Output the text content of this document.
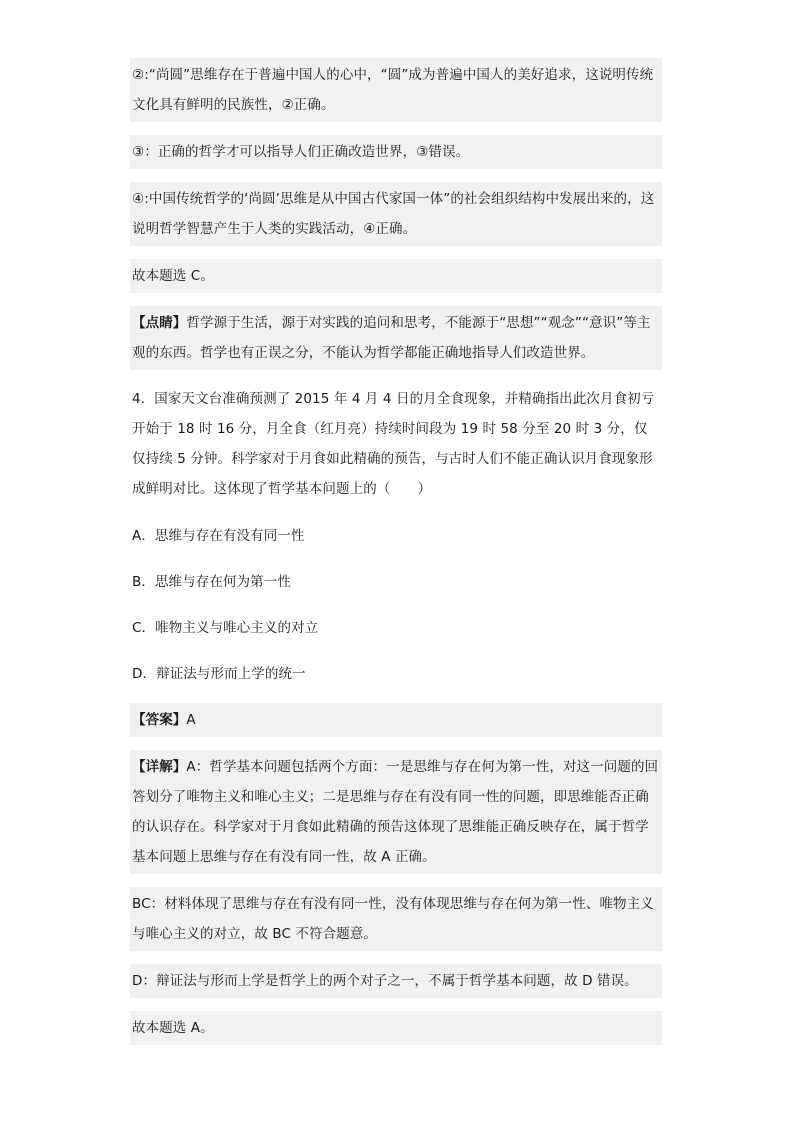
②:“尚圆”思维存在于普遍中国人的心中，“圆”成为普遍中国人的美好追求，这说明传统文化具有鲜明的民族性，②正确。
③：正确的哲学才可以指导人们正确改造世界，③错误。
④:中国传统哲学的‘尚圆’思维是从中国古代家国一体”的社会组织结构中发展出来的，这说明哲学智慧产生于人类的实践活动，④正确。
故本题选 C。
【点睛】哲学源于生活，源于对实践的追问和思考，不能源于“思想”“观念”“意识”等主观的东西。哲学也有正误之分，不能认为哲学都能正确地指导人们改造世界。
4．国家天文台准确预测了 2015 年 4 月 4 日的月全食现象，并精确指出此次月食初亏开始于 18 时 16 分，月全食（红月亮）持续时间段为 19 时 58 分至 20 时 3 分，仅仅持续 5 分钟。科学家对于月食如此精确的预告，与古时人们不能正确认识月食现象形成鲜明对比。这体现了哲学基本问题上的（　　）
A．思维与存在有没有同一性
B．思维与存在何为第一性
C．唯物主义与唯心主义的对立
D．辩证法与形而上学的统一
【答案】A
【详解】A：哲学基本问题包括两个方面：一是思维与存在何为第一性，对这一问题的回答划分了唯物主义和唯心主义；二是思维与存在有没有同一性的问题，即思维能否正确的认识存在。科学家对于月食如此精确的预告这体现了思维能正确反映存在，属于哲学基本问题上思维与存在有没有同一性，故 A 正确。
BC：材料体现了思维与存在有没有同一性，没有体现思维与存在何为第一性、唯物主义与唯心主义的对立，故 BC 不符合题意。
D：辩证法与形而上学是哲学上的两个对子之一，不属于哲学基本问题，故 D 错误。
故本题选 A。
